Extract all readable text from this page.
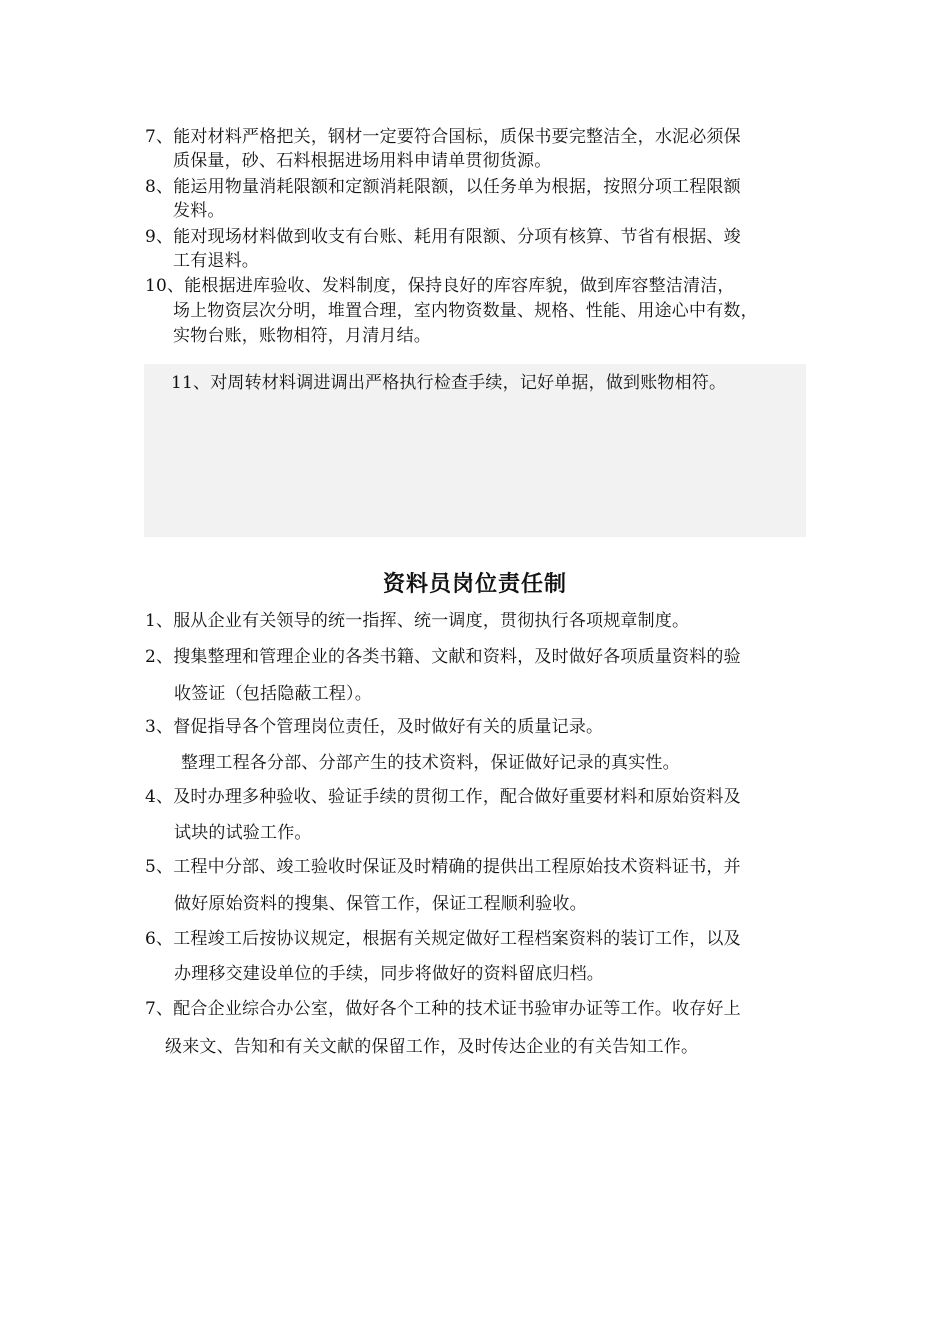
7、能对材料严格把关，钢材一定要符合国标，质保书要完整洁全，水泥必须保
质保量，砂、石料根据进场用料申请单贯彻货源。
8、能运用物量消耗限额和定额消耗限额，以任务单为根据，按照分项工程限额
发料。
9、能对现场材料做到收支有台账、耗用有限额、分项有核算、节省有根据、竣
工有退料。
10、能根据进库验收、发料制度，保持良好的库容库貌，做到库容整洁清洁，
场上物资层次分明，堆置合理，室内物资数量、规格、性能、用途心中有数，
实物台账，账物相符，月清月结。
11、对周转材料调进调出严格执行检查手续，记好单据，做到账物相符。
资料员岗位责任制
1、服从企业有关领导的统一指挥、统一调度，贯彻执行各项规章制度。
2、搜集整理和管理企业的各类书籍、文献和资料，及时做好各项质量资料的验
收签证（包括隐蔽工程）。
3、督促指导各个管理岗位责任，及时做好有关的质量记录。
整理工程各分部、分部产生的技术资料，保证做好记录的真实性。
4、及时办理多种验收、验证手续的贯彻工作，配合做好重要材料和原始资料及
试块的试验工作。
5、工程中分部、竣工验收时保证及时精确的提供出工程原始技术资料证书，并
做好原始资料的搜集、保管工作，保证工程顺利验收。
6、工程竣工后按协议规定，根据有关规定做好工程档案资料的装订工作，以及
办理移交建设单位的手续，同步将做好的资料留底归档。
7、配合企业综合办公室，做好各个工种的技术证书验审办证等工作。收存好上
级来文、告知和有关文献的保留工作，及时传达企业的有关告知工作。
